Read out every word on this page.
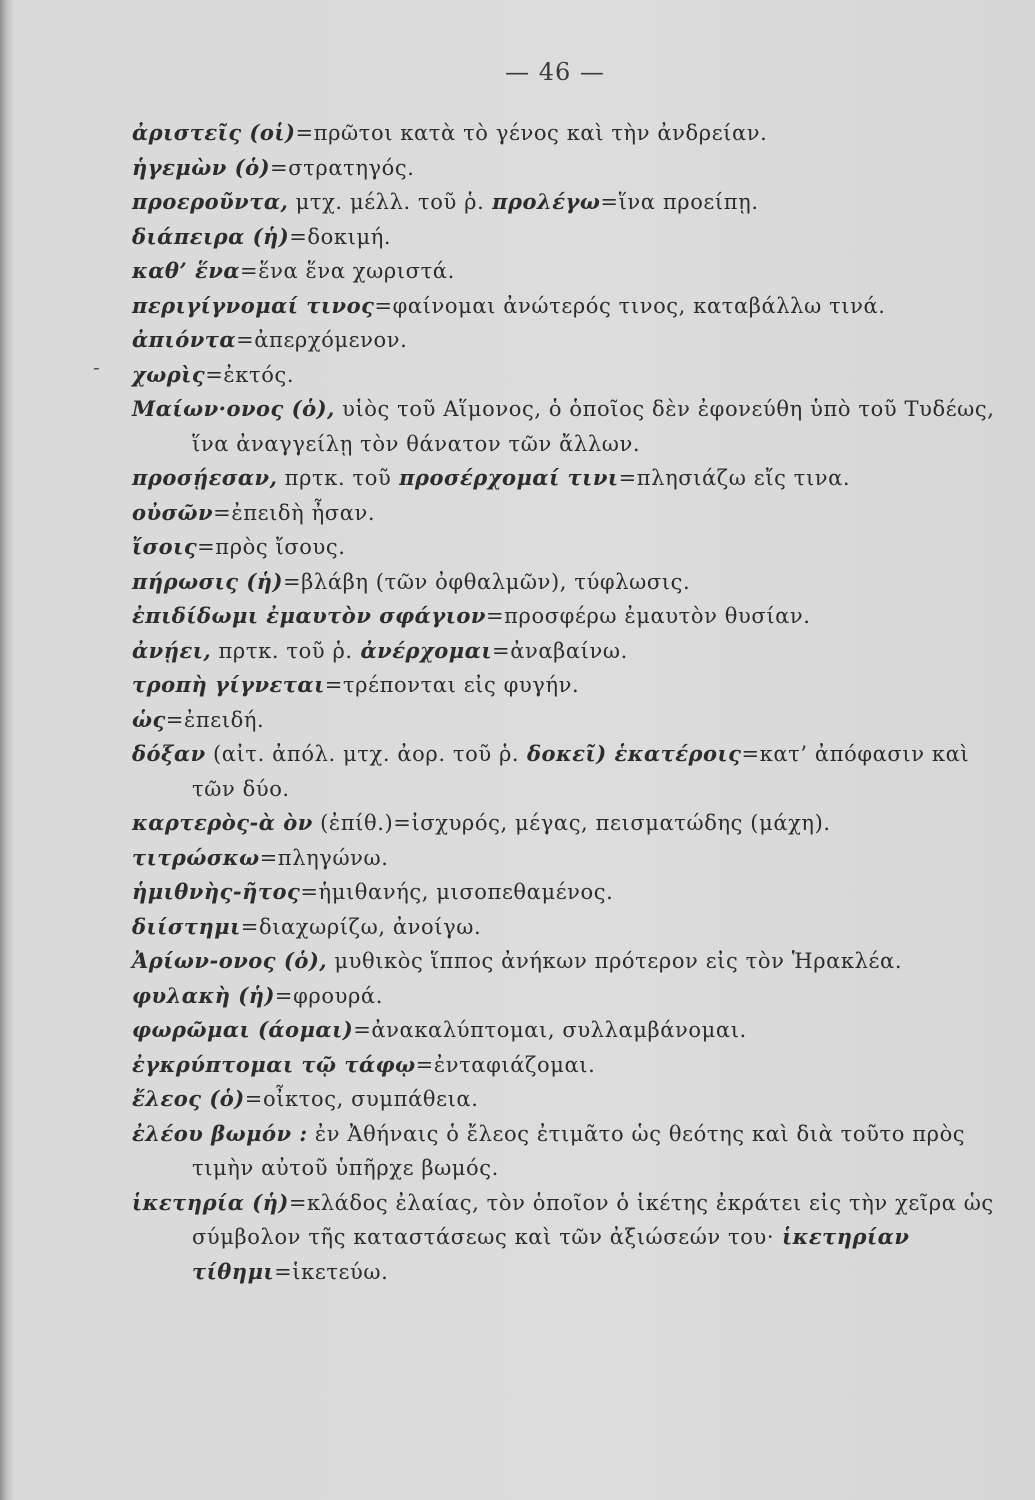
— 46 —
-
ἀριστεῖς (οἱ)=πρῶτοι κατὰ τὸ γένος καὶ τὴν ἀνδρείαν.
ἡγεμὼν (ὁ)=στρατηγός.
προεροῦντα, μτχ. μέλλ. τοῦ ῥ. προλέγω=ἵνα προείπῃ.
διάπειρα (ἡ)=δοκιμή.
καθ’ ἕνα=ἕνα ἕνα χωριστά.
περιγίγνομαί τινος=φαίνομαι ἀνώτερός τινος, καταβάλλω τινά.
ἀπιόντα=ἀπερχόμενον.
χωρὶς=ἐκτός.
Μαίων·ονος (ὁ), υἱὸς τοῦ Αἵμονος, ὁ ὁποῖος δὲν ἐφονεύθη ὑπὸ τοῦ Τυδέως, ἵνα ἀναγγείλῃ τὸν θάνατον τῶν ἄλλων.
προσῄεσαν, πρτκ. τοῦ προσέρχομαί τινι=πλησιάζω εἴς τινα.
οὐσῶν=ἐπειδὴ ἦσαν.
ἴσοις=πρὸς ἴσους.
πήρωσις (ἡ)=βλάβη (τῶν ὀφθαλμῶν), τύφλωσις.
ἐπιδίδωμι ἐμαυτὸν σφάγιον=προσφέρω ἐμαυτὸν θυσίαν.
ἀνῄει, πρτκ. τοῦ ῥ. ἀνέρχομαι=ἀναβαίνω.
τροπὴ γίγνεται=τρέπονται εἰς φυγήν.
ὡς=ἐπειδή.
δόξαν (αἰτ. ἀπόλ. μτχ. ἀορ. τοῦ ῥ. δοκεῖ) ἑκατέροις=κατ’ ἀπόφασιν καὶ τῶν δύο.
καρτερὸς-ὰ ὸν (ἐπίθ.)=ἰσχυρός, μέγας, πεισματώδης (μάχη).
τιτρώσκω=πληγώνω.
ἡμιθνὴς-ῆτος=ἡμιθανής, μισοπεθαμένος.
διίστημι=διαχωρίζω, ἀνοίγω.
Ἀρίων-ονος (ὁ), μυθικὸς ἵππος ἀνήκων πρότερον εἰς τὸν Ἡρακλέα.
φυλακὴ (ἡ)=φρουρά.
φωρῶμαι (άομαι)=ἀνακαλύπτομαι, συλλαμβάνομαι.
ἐγκρύπτομαι τῷ τάφῳ=ἐνταφιάζομαι.
ἔλεος (ὁ)=οἶκτος, συμπάθεια.
ἐλέου βωμόν : ἐν Ἀθήναις ὁ ἔλεος ἐτιμᾶτο ὡς θεότης καὶ διὰ τοῦτο πρὸς τιμὴν αὐτοῦ ὑπῆρχε βωμός.
ἱκετηρία (ἡ)=κλάδος ἐλαίας, τὸν ὁποῖον ὁ ἱκέτης ἐκράτει εἰς τὴν χεῖρα ὡς σύμβολον τῆς καταστάσεως καὶ τῶν ἀξιώσεών του· ἱκετηρίαν τίθημι=ἱκετεύω.
